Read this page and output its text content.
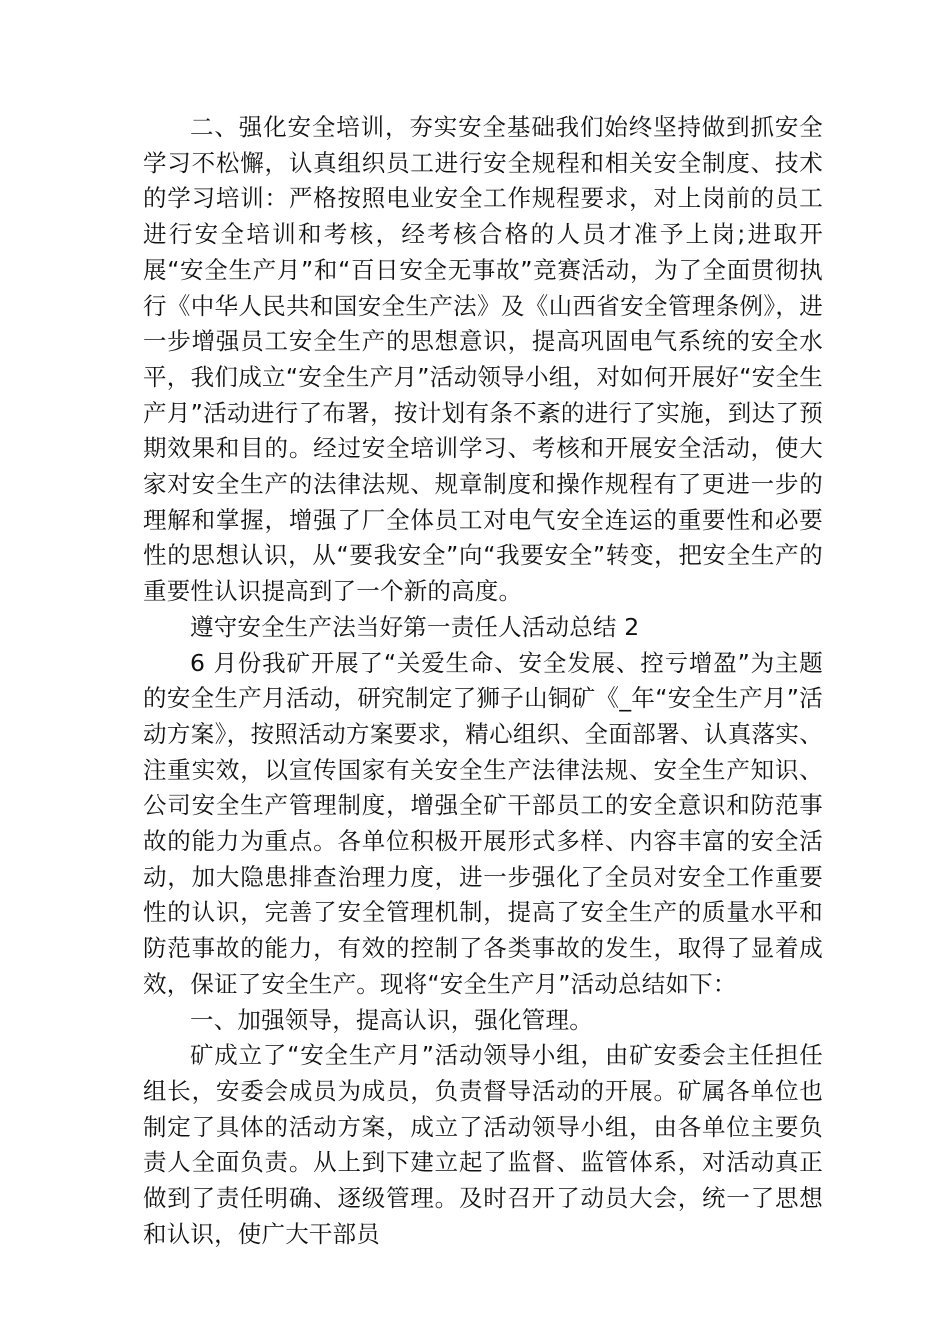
二、强化安全培训，夯实安全基础我们始终坚持做到抓安全学习不松懈，认真组织员工进行安全规程和相关安全制度、技术的学习培训：严格按照电业安全工作规程要求，对上岗前的员工进行安全培训和考核，经考核合格的人员才准予上岗;进取开展“安全生产月”和“百日安全无事故”竞赛活动，为了全面贯彻执行《中华人民共和国安全生产法》及《山西省安全管理条例》，进一步增强员工安全生产的思想意识，提高巩固电气系统的安全水平，我们成立“安全生产月”活动领导小组，对如何开展好“安全生产月”活动进行了布署，按计划有条不紊的进行了实施，到达了预期效果和目的。经过安全培训学习、考核和开展安全活动，使大家对安全生产的法律法规、规章制度和操作规程有了更进一步的理解和掌握，增强了厂全体员工对电气安全连运的重要性和必要性的思想认识，从“要我安全”向“我要安全”转变，把安全生产的重要性认识提高到了一个新的高度。

遵守安全生产法当好第一责任人活动总结 2

6 月份我矿开展了“关爱生命、安全发展、控亏增盈”为主题的安全生产月活动，研究制定了狮子山铜矿《_年“安全生产月”活动方案》，按照活动方案要求，精心组织、全面部署、认真落实、注重实效，以宣传国家有关安全生产法律法规、安全生产知识、公司安全生产管理制度，增强全矿干部员工的安全意识和防范事故的能力为重点。各单位积极开展形式多样、内容丰富的安全活动，加大隐患排查治理力度，进一步强化了全员对安全工作重要性的认识，完善了安全管理机制，提高了安全生产的质量水平和防范事故的能力，有效的控制了各类事故的发生，取得了显着成效，保证了安全生产。现将“安全生产月”活动总结如下：

一、加强领导，提高认识，强化管理。

矿成立了“安全生产月”活动领导小组，由矿安委会主任担任组长，安委会成员为成员，负责督导活动的开展。矿属各单位也制定了具体的活动方案，成立了活动领导小组，由各单位主要负责人全面负责。从上到下建立起了监督、监管体系，对活动真正做到了责任明确、逐级管理。及时召开了动员大会，统一了思想和认识，使广大干部员
